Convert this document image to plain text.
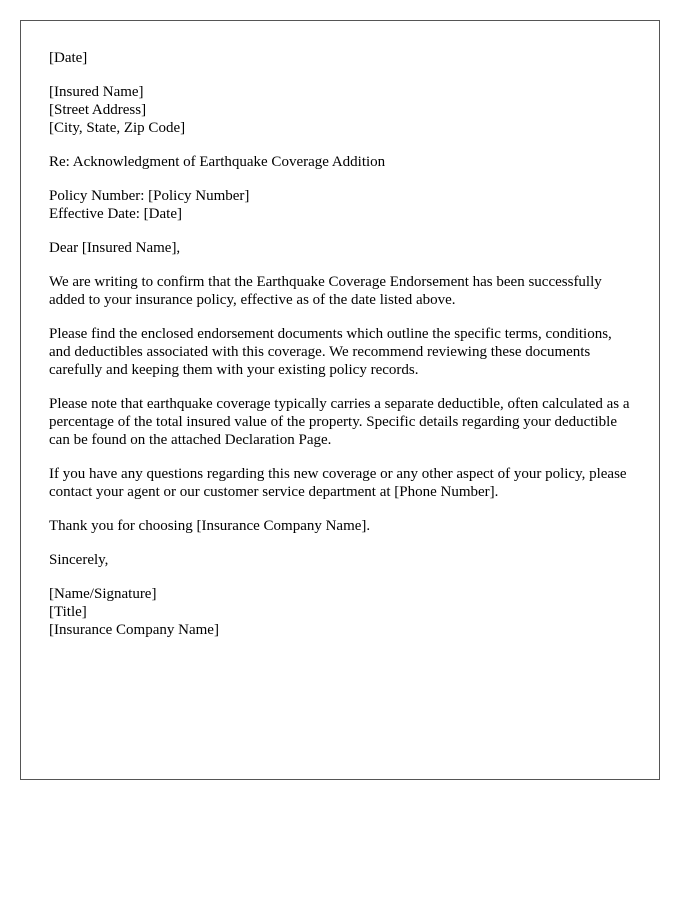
[Date]
[Insured Name]
[Street Address]
[City, State, Zip Code]
Re: Acknowledgment of Earthquake Coverage Addition
Policy Number: [Policy Number]
Effective Date: [Date]
Dear [Insured Name],
We are writing to confirm that the Earthquake Coverage Endorsement has been successfully added to your insurance policy, effective as of the date listed above.
Please find the enclosed endorsement documents which outline the specific terms, conditions, and deductibles associated with this coverage. We recommend reviewing these documents carefully and keeping them with your existing policy records.
Please note that earthquake coverage typically carries a separate deductible, often calculated as a percentage of the total insured value of the property. Specific details regarding your deductible can be found on the attached Declaration Page.
If you have any questions regarding this new coverage or any other aspect of your policy, please contact your agent or our customer service department at [Phone Number].
Thank you for choosing [Insurance Company Name].
Sincerely,
[Name/Signature]
[Title]
[Insurance Company Name]
